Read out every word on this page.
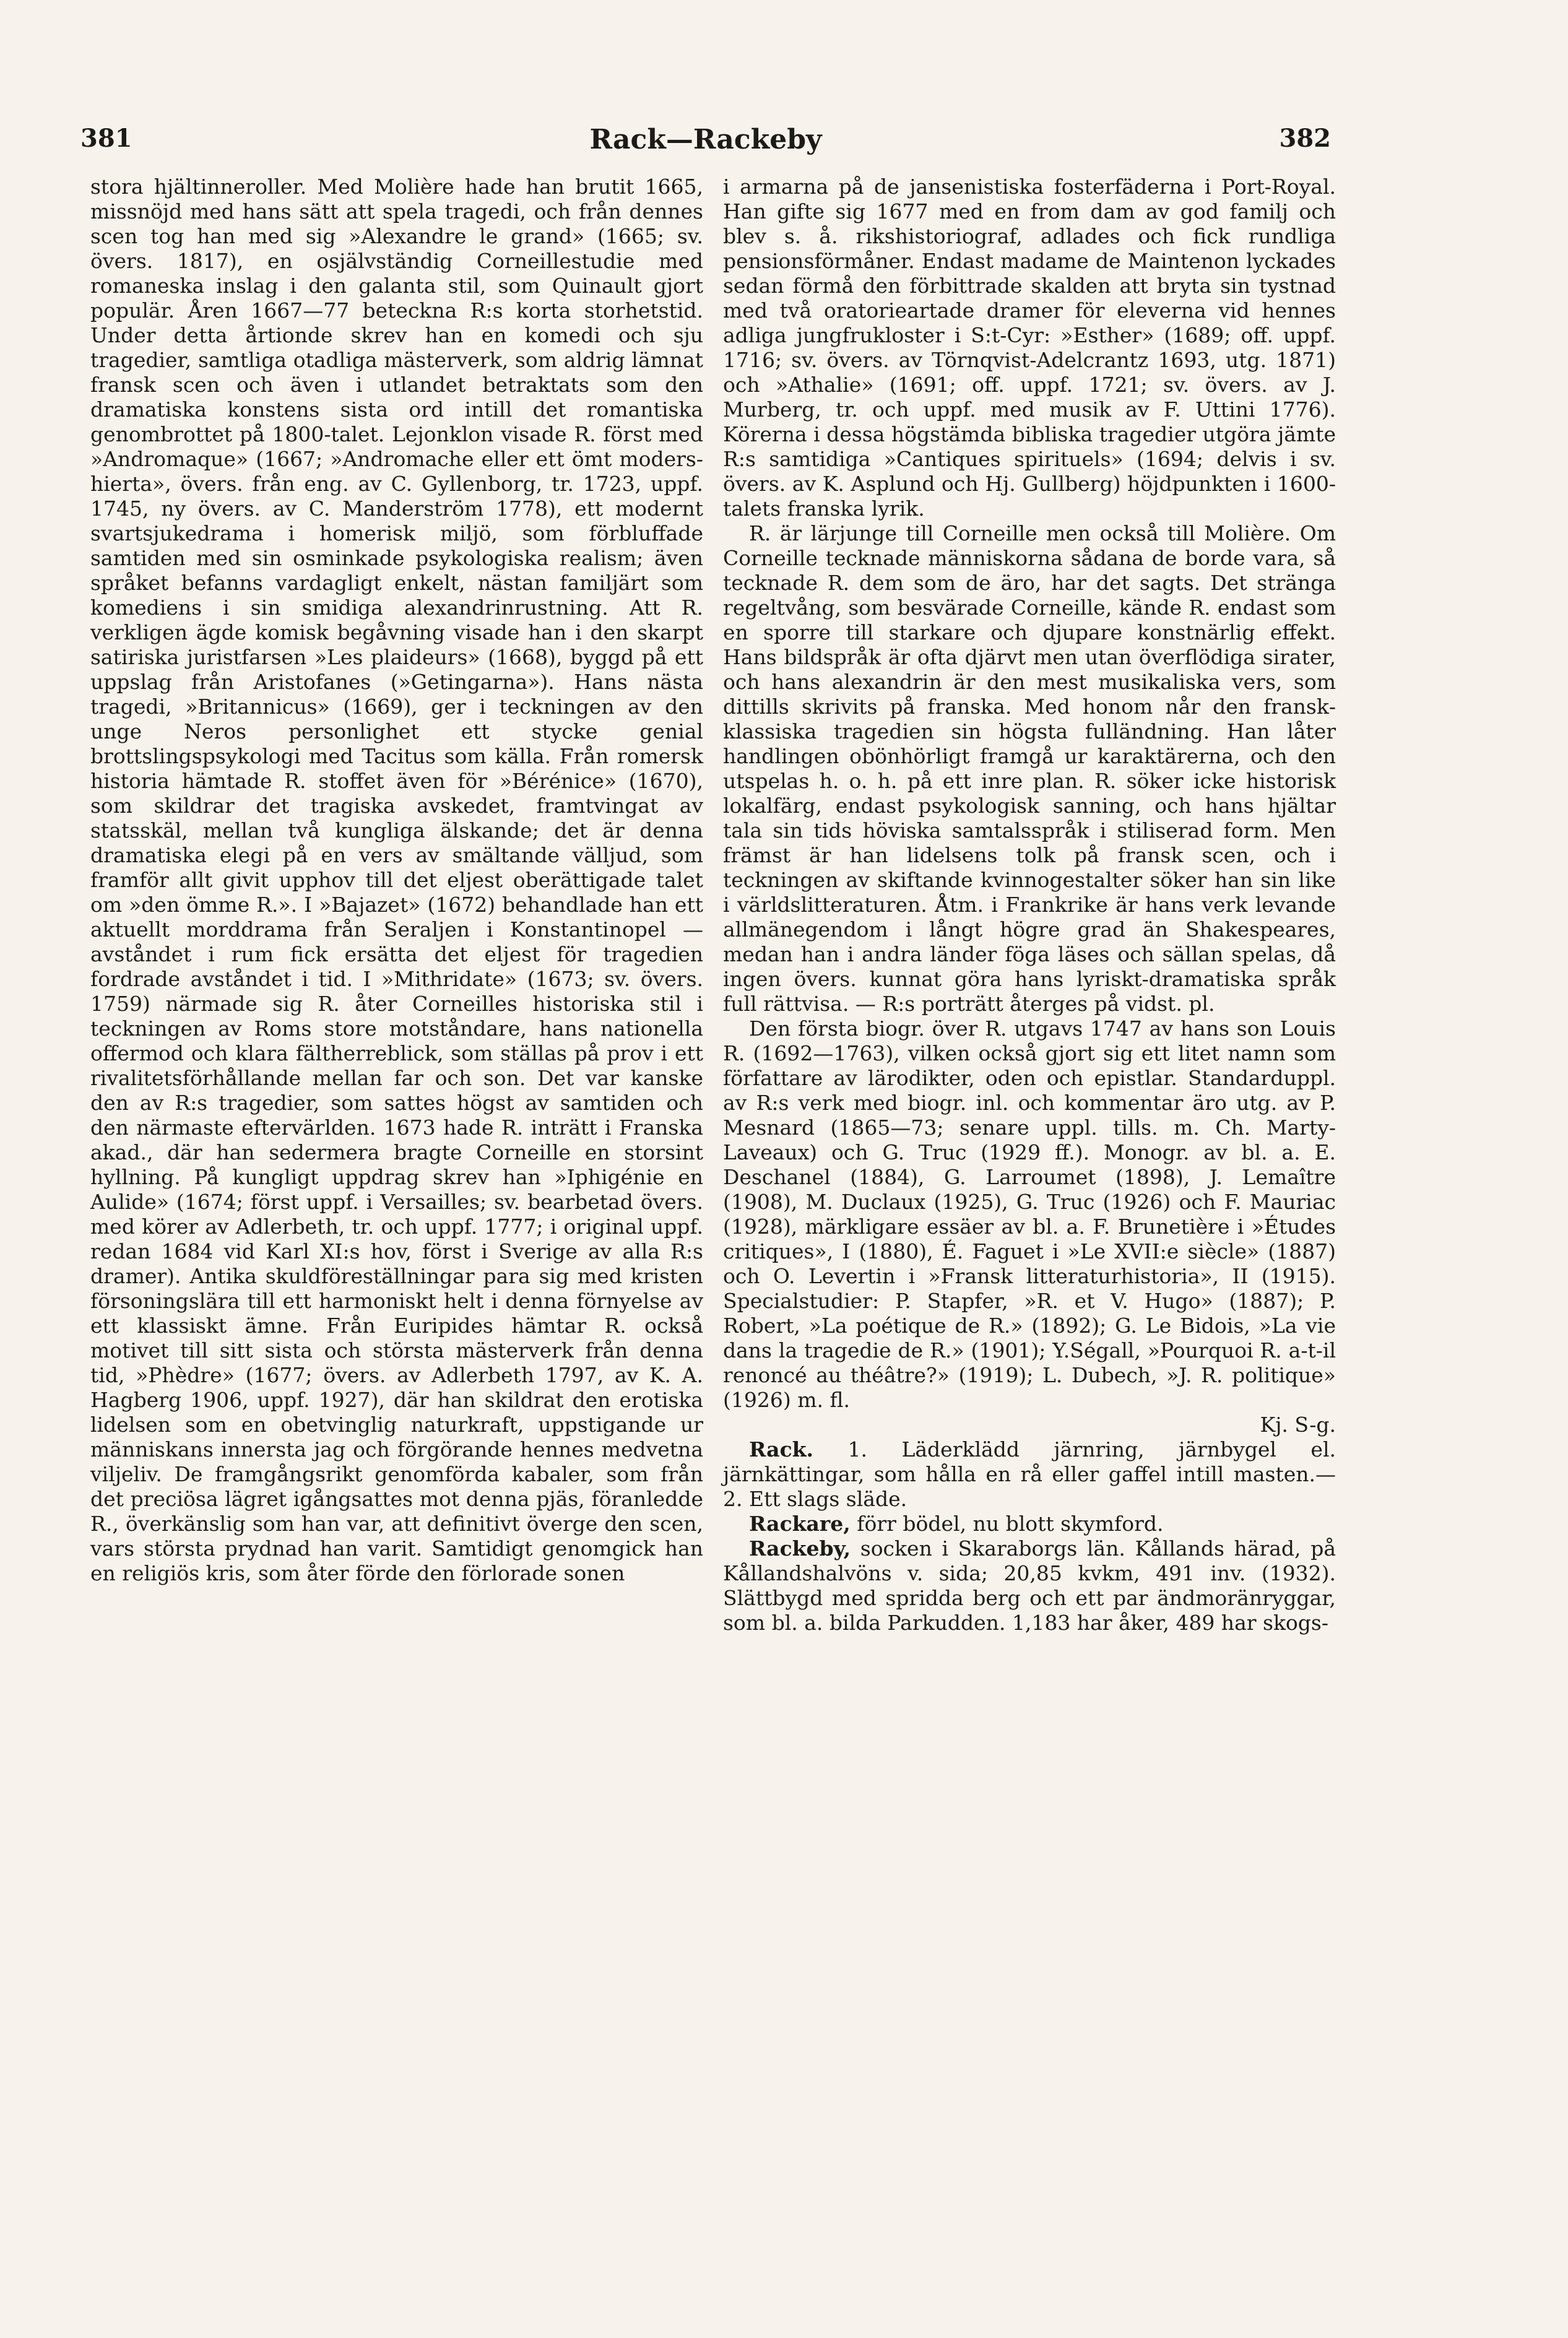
381	Rack—Rackeby	382

stora hjältinneroller. Med Molière hade han brutit 1665, missnöjd med hans sätt att spela tragedi, och från dennes scen tog han med sig »Alexandre le grand» (1665; sv. övers. 1817), en osjälvständig Corneillestudie med romaneska inslag i den galanta stil, som Quinault gjort populär. Åren 1667—77 beteckna R:s korta storhetstid. Under detta årtionde skrev han en komedi och sju tragedier, samtliga otadliga mästerverk, som aldrig lämnat fransk scen och även i utlandet betraktats som den dramatiska konstens sista ord intill det romantiska genombrottet på 1800-talet. Lejonklon visade R. först med »Andromaque» (1667; »Andromache eller ett ömt moders-hierta», övers. från eng. av C. Gyllenborg, tr. 1723, uppf. 1745, ny övers. av C. Manderström 1778), ett modernt svartsjukedrama i homerisk miljö, som förbluffade samtiden med sin osminkade psykologiska realism; även språket befanns vardagligt enkelt, nästan familjärt som komediens i sin smidiga alexandrinrustning. Att R. verkligen ägde komisk begåvning visade han i den skarpt satiriska juristfarsen »Les plaideurs» (1668), byggd på ett uppslag från Aristofanes (»Getingarna»). Hans nästa tragedi, »Britannicus» (1669), ger i teckningen av den unge Neros personlighet ett stycke genial brottslingspsykologi med Tacitus som källa. Från romersk historia hämtade R. stoffet även för »Bérénice» (1670), som skildrar det tragiska avskedet, framtvingat av statsskäl, mellan två kungliga älskande; det är denna dramatiska elegi på en vers av smältande välljud, som framför allt givit upphov till det eljest oberättigade talet om »den ömme R.». I »Bajazet» (1672) behandlade han ett aktuellt morddrama från Seraljen i Konstantinopel — avståndet i rum fick ersätta det eljest för tragedien fordrade avståndet i tid. I »Mithridate» (1673; sv. övers. 1759) närmade sig R. åter Corneilles historiska stil i teckningen av Roms store motståndare, hans nationella offermod och klara fältherreblick, som ställas på prov i ett rivalitetsförhållande mellan far och son. Det var kanske den av R:s tragedier, som sattes högst av samtiden och den närmaste eftervärlden. 1673 hade R. inträtt i Franska akad., där han sedermera bragte Corneille en storsint hyllning. På kungligt uppdrag skrev han »Iphigénie en Aulide» (1674; först uppf. i Versailles; sv. bearbetad övers. med körer av Adlerbeth, tr. och uppf. 1777; i original uppf. redan 1684 vid Karl XI:s hov, först i Sverige av alla R:s dramer). Antika skuldföreställningar para sig med kristen försoningslära till ett harmoniskt helt i denna förnyelse av ett klassiskt ämne. Från Euripides hämtar R. också motivet till sitt sista och största mästerverk från denna tid, »Phèdre» (1677; övers. av Adlerbeth 1797, av K. A. Hagberg 1906, uppf. 1927), där han skildrat den erotiska lidelsen som en obetvinglig naturkraft, uppstigande ur människans innersta jag och förgörande hennes medvetna viljeliv. De framgångsrikt genomförda kabaler, som från det preciösa lägret igångsattes mot denna pjäs, föranledde R., överkänslig som han var, att definitivt övergе den scen, vars största prydnad han varit. Samtidigt genomgick han en religiös kris, som åter förde den förlorade sonen

i armarna på de jansenistiska fosterfäderna i Port-Royal. Han gifte sig 1677 med en from dam av god familj och blev s. å. rikshistoriograf, adlades och fick rundliga pensionsförmåner. Endast madame de Maintenon lyckades sedan förmå den förbittrade skalden att bryta sin tystnad med två oratorieartade dramer för eleverna vid hennes adliga jungfrukloster i S:t-Cyr: »Esther» (1689; off. uppf. 1716; sv. övers. av Törnqvist-Adelcrantz 1693, utg. 1871) och »Athalie» (1691; off. uppf. 1721; sv. övers. av J. Murberg, tr. och uppf. med musik av F. Uttini 1776). Körerna i dessa högstämda bibliska tragedier utgöra jämte R:s samtidiga »Cantiques spirituels» (1694; delvis i sv. övers. av K. Asplund och Hj. Gullberg) höjdpunkten i 1600-talets franska lyrik.

R. är lärjunge till Corneille men också till Molière. Om Corneille tecknade människorna sådana de borde vara, så tecknade R. dem som de äro, har det sagts. Det stränga regeltvång, som besvärade Corneille, kände R. endast som en sporre till starkare och djupare konstnärlig effekt. Hans bildspråk är ofta djärvt men utan överflödiga sirater, och hans alexandrin är den mest musikaliska vers, som dittills skrivits på franska. Med honom når den franskklassiska tragedien sin högsta fulländning. Han låter handlingen obönhörligt framgå ur karaktärerna, och den utspelas h. o. h. på ett inre plan. R. söker icke historisk lokalfärg, endast psykologisk sanning, och hans hjältar tala sin tids höviska samtalsspråk i stiliserad form. Men främst är han lidelsens tolk på fransk scen, och i teckningen av skiftande kvinnogestalter söker han sin like i världslitteraturen. Åtm. i Frankrike är hans verk levande allmänegendom i långt högre grad än Shakespeares, medan han i andra länder föga läses och sällan spelas, då ingen övers. kunnat göra hans lyriskt-dramatiska språk full rättvisa. — R:s porträtt återges på vidst. pl.

Den första biogr. över R. utgavs 1747 av hans son Louis R. (1692—1763), vilken också gjort sig ett litet namn som författare av lärodikter, oden och epistlar. Standarduppl. av R:s verk med biogr. inl. och kommentar äro utg. av P. Mesnard (1865—73; senare uppl. tills. m. Ch. Marty-Laveaux) och G. Truc (1929 ff.). Monogr. av bl. a. E. Deschanel (1884), G. Larroumet (1898), J. Lemaître (1908), M. Duclaux (1925), G. Truc (1926) och F. Mauriac (1928), märkligare essäer av bl. a. F. Brunetière i »Études critiques», I (1880), É. Faguet i »Le XVII:e siècle» (1887) och O. Levertin i »Fransk litteraturhistoria», II (1915). Specialstudier: P. Stapfer, »R. et V. Hugo» (1887); P. Robert, »La poétique de R.» (1892); G. Le Bidois, »La vie dans la tragedie de R.» (1901); Y.Ségall, »Pourquoi R. a-t-il renoncé au théâtre?» (1919); L. Dubech, »J. R. politique» (1926) m. fl.

Kj. S-g.

Rack. 1. Läderklädd järnring, järnbygel el. järnkättingar, som hålla en rå eller gaffel intill masten.— 2. Ett slags släde.

Rackare, förr bödel, nu blott skymford.

Rackeby, socken i Skaraborgs län. Kållands härad, på Kållandshalvöns v. sida; 20,85 kvkm, 491 inv. (1932). Slättbygd med spridda berg och ett par ändmoränryggar, som bl. a. bilda Parkudden. 1,183 har åker, 489 har skogs-
